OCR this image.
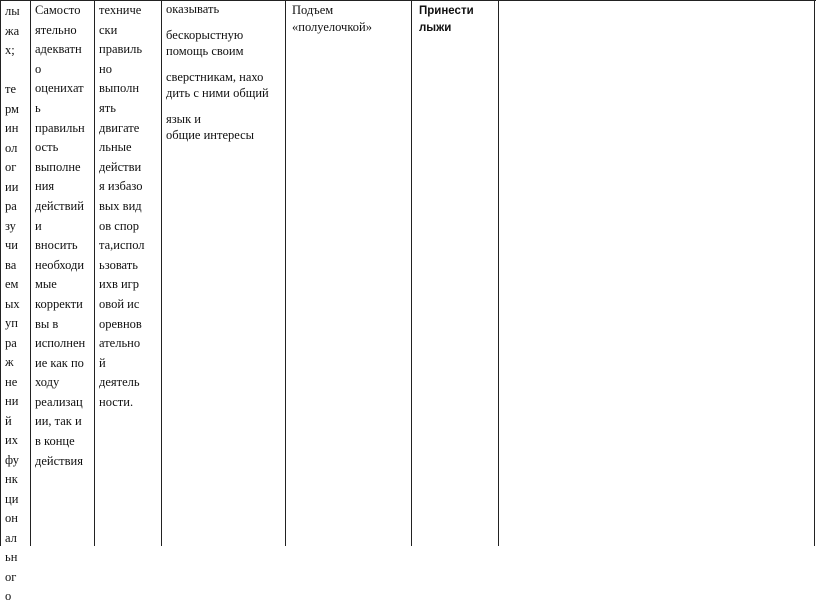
лы
жа
х;

те
рм
ин
ол
ог
ии
ра
зу
чи
ва
ем
ых
уп
ра
ж
не
ни
й
их
фу
нк
ци
он
ал
ьн
ог
о
Самосто
ятельно
адекватн
о
оценихат
ь
правильн
ость
выполне
ния
действий
и
вносить
необходи
мые
корректи
вы в
исполнен
ие как по
ходу
реализац
ии, так и
в конце
действия
техниче
ски
правиль
но
выполн
ять
двигате
льные
действи
я избазо
вых вид
ов спор
та,испол
ьзовать
ихв игр
овой ис
оревнов
ательно
й
деятель
ности.
оказывать
бескорыстную
помощь своим
сверстникам, нахо
дить с ними общий
язык и
общие интересы
Подъем
«полуелочкой»
Принести
лыжи
